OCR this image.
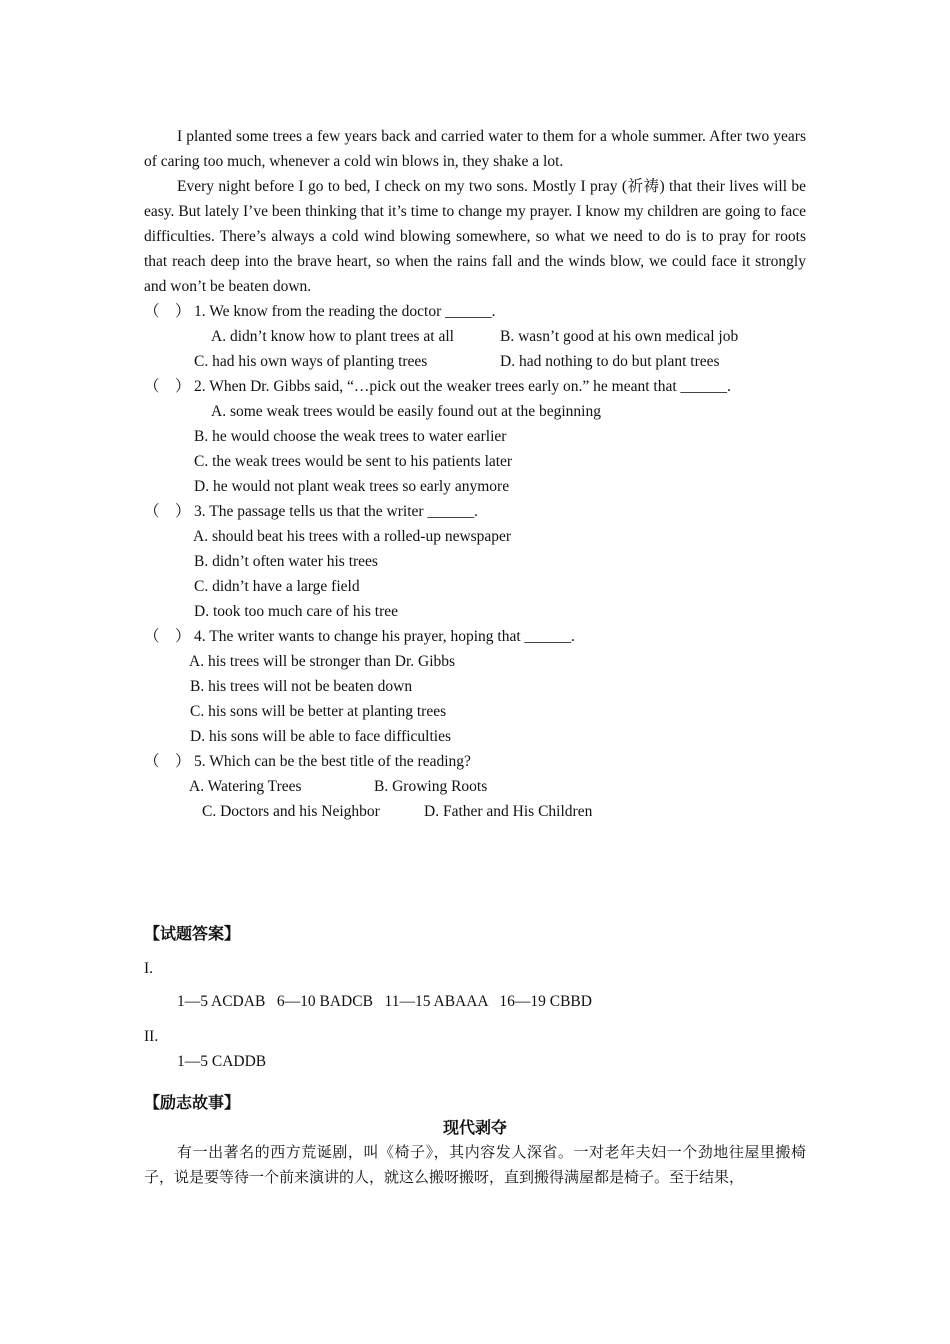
I planted some trees a few years back and carried water to them for a whole summer. After two years of caring too much, whenever a cold win blows in, they shake a lot.

Every night before I go to bed, I check on my two sons. Mostly I pray (祈祷) that their lives will be easy. But lately I’ve been thinking that it’s time to change my prayer. I know my children are going to face difficulties. There’s always a cold wind blowing somewhere, so what we need to do is to pray for roots that reach deep into the brave heart, so when the rains fall and the winds blow, we could face it strongly and won’t be beaten down.

（　） 1. We know from the reading the doctor ______.
A. didn’t know how to plant trees at all	B. wasn’t good at his own medical job
C. had his own ways of planting trees	D. had nothing to do but plant trees
（　） 2. When Dr. Gibbs said, “…pick out the weaker trees early on.” he meant that ______.
A. some weak trees would be easily found out at the beginning
B. he would choose the weak trees to water earlier
C. the weak trees would be sent to his patients later
D. he would not plant weak trees so early anymore
（　） 3. The passage tells us that the writer ______.
A. should beat his trees with a rolled-up newspaper
B. didn’t often water his trees
C. didn’t have a large field
D. took too much care of his tree
（　） 4. The writer wants to change his prayer, hoping that ______.
A. his trees will be stronger than Dr. Gibbs
B. his trees will not be beaten down
C. his sons will be better at planting trees
D. his sons will be able to face difficulties
（　） 5. Which can be the best title of the reading?
A. Watering Trees	B. Growing Roots
C. Doctors and his Neighbor	D. Father and His Children
【试题答案】
I.
1—5 ACDAB   6—10 BADCB   11—15 ABAAA   16—19 CBBD
II.
1—5 CADDB
【励志故事】
现代剥夺

有一出著名的西方荒诞剧，叫《椅子》，其内容发人深省。一对老年夫妇一个劲地往屋里搬椅子，说是要等待一个前来演讲的人，就这么搬呀搬呀，直到搬得满屋都是椅子。至于结果，
